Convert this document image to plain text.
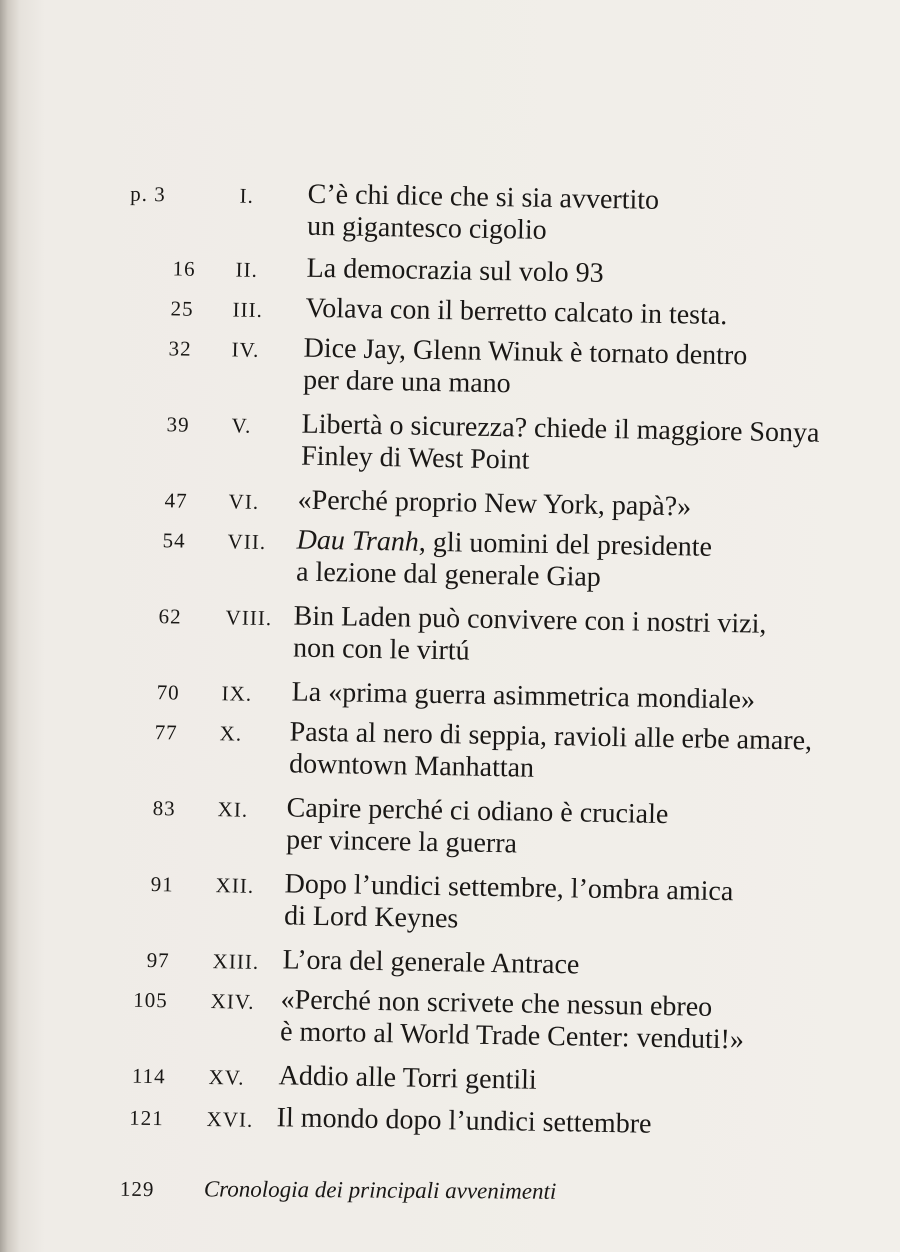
p. 3	I. C’è chi dice che si sia avvertito
un gigantesco cigolio
16 II. La democrazia sul volo 93
25 III. Volava con il berretto calcato in testa.
32 IV. Dice Jay, Glenn Winuk è tornato dentro
per dare una mano
39 V. Libertà o sicurezza? chiede il maggiore Sonya
Finley di West Point
47 VI. «Perché proprio New York, papà?»
54 VII. Dau Tranh, gli uomini del presidente
a lezione dal generale Giap
62 VIII. Bin Laden può convivere con i nostri vizi,
non con le virtú
70 IX. La «prima guerra asimmetrica mondiale»
77 X. Pasta al nero di seppia, ravioli alle erbe amare,
downtown Manhattan
83 XI. Capire perché ci odiano è cruciale
per vincere la guerra
91 XII. Dopo l’undici settembre, l’ombra amica
di Lord Keynes
97 XIII. L’ora del generale Antrace
105 XIV. «Perché non scrivete che nessun ebreo
è morto al World Trade Center: venduti!»
114 XV. Addio alle Torri gentili
121 XVI. Il mondo dopo l’undici settembre
129	Cronologia dei principali avvenimenti
